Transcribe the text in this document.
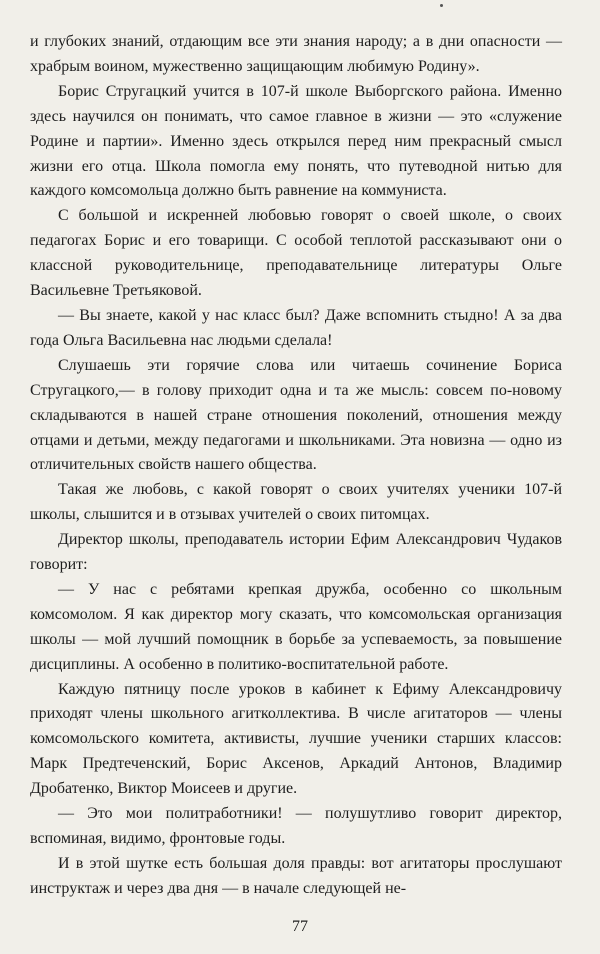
и глубоких знаний, отдающим все эти знания народу; а в дни опасности — храбрым воином, мужественно защищающим любимую Родину».

Борис Стругацкий учится в 107-й школе Выборгского района. Именно здесь научился он понимать, что самое главное в жизни — это «служение Родине и партии». Именно здесь открылся перед ним прекрасный смысл жизни его отца. Школа помогла ему понять, что путеводной нитью для каждого комсомольца должно быть равнение на коммуниста.

С большой и искренней любовью говорят о своей школе, о своих педагогах Борис и его товарищи. С особой теплотой рассказывают они о классной руководительнице, преподавательнице литературы Ольге Васильевне Третьяковой.

— Вы знаете, какой у нас класс был? Даже вспомнить стыдно! А за два года Ольга Васильевна нас людьми сделала!

Слушаешь эти горячие слова или читаешь сочинение Бориса Стругацкого,— в голову приходит одна и та же мысль: совсем по-новому складываются в нашей стране отношения поколений, отношения между отцами и детьми, между педагогами и школьниками. Эта новизна — одно из отличительных свойств нашего общества.

Такая же любовь, с какой говорят о своих учителях ученики 107-й школы, слышится и в отзывах учителей о своих питомцах.

Директор школы, преподаватель истории Ефим Александрович Чудаков говорит:

— У нас с ребятами крепкая дружба, особенно со школьным комсомолом. Я как директор могу сказать, что комсомольская организация школы — мой лучший помощник в борьбе за успеваемость, за повышение дисциплины. А особенно в политико-воспитательной работе.

Каждую пятницу после уроков в кабинет к Ефиму Александровичу приходят члены школьного агитколлектива. В числе агитаторов — члены комсомольского комитета, активисты, лучшие ученики старших классов: Марк Предтеченский, Борис Аксенов, Аркадий Антонов, Владимир Дробатенко, Виктор Моисеев и другие.

— Это мои политработники! — полушутливо говорит директор, вспоминая, видимо, фронтовые годы.

И в этой шутке есть большая доля правды: вот агитаторы прослушают инструктаж и через два дня — в начале следующей не-

77
